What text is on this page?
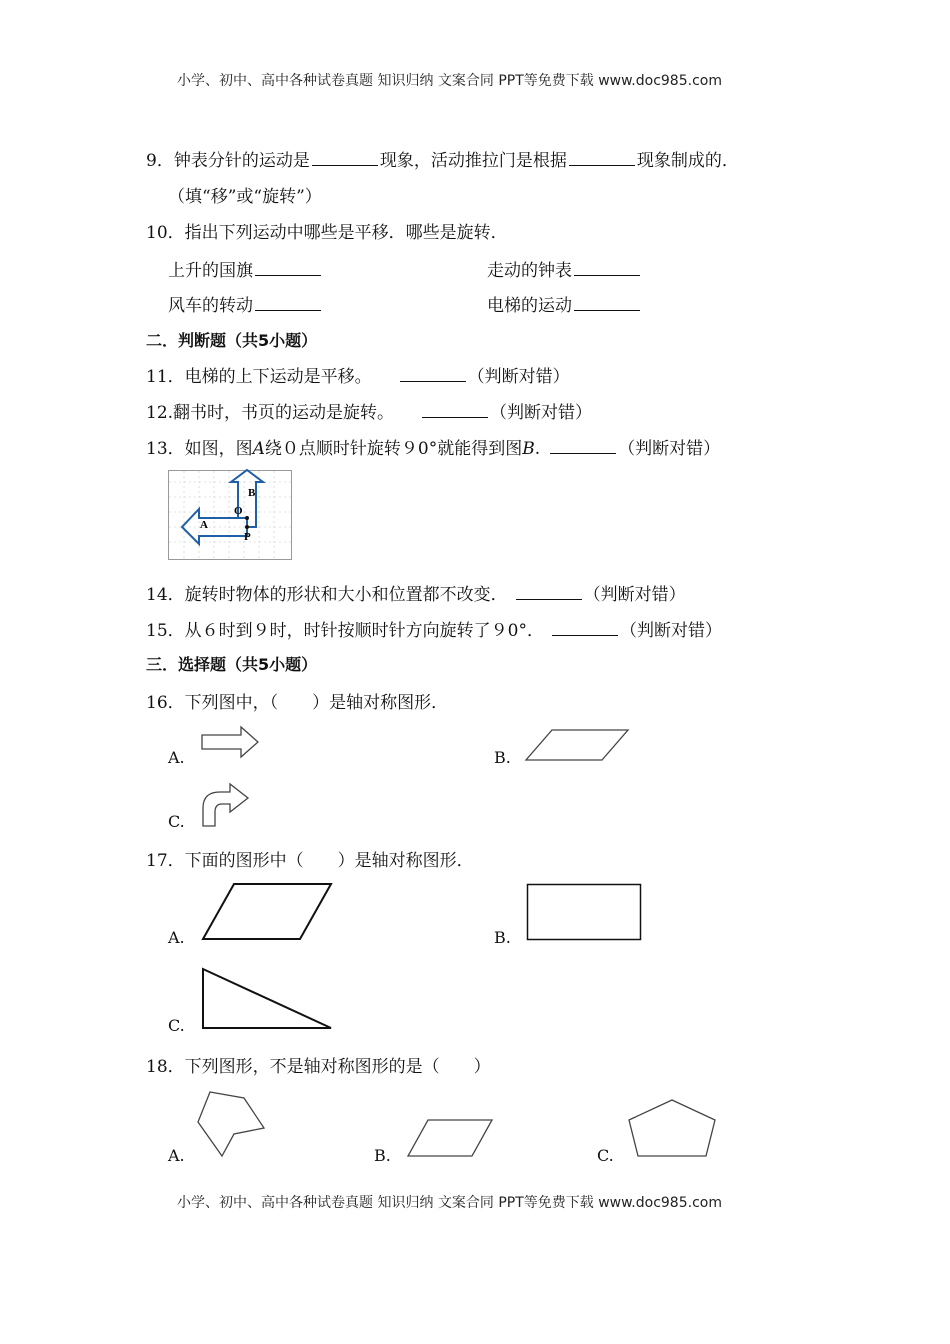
小学、初中、高中各种试卷真题 知识归纳 文案合同 PPT等免费下载 www.doc985.com
9．钟表分针的运动是	现象，活动推拉门是根据	现象制成的．
（填“移”或“旋转”）
10．指出下列运动中哪些是平移．哪些是旋转．
上升的国旗	走动的钟表
风车的转动	电梯的运动
二．判断题（共5小题）
11．电梯的上下运动是平移。	（判断对错）
12.翻书时，书页的运动是旋转。	（判断对错）
13．如图，图A绕０点顺时针旋转９0°就能得到图B.	（判断对错）
B
A
O
P
14．旋转时物体的形状和大小和位置都不改变．	（判断对错）
15．从６时到９时，时针按顺时针方向旋转了９0°．	（判断对错）
三．选择题（共5小题）
16．下列图中，（　　）是轴对称图形．
A.	B.
C.
17．下面的图形中（　　）是轴对称图形．
A.	B.
C.
18．下列图形，不是轴对称图形的是（　　）
A.	B.	C.
小学、初中、高中各种试卷真题 知识归纳 文案合同 PPT等免费下载 www.doc985.com
